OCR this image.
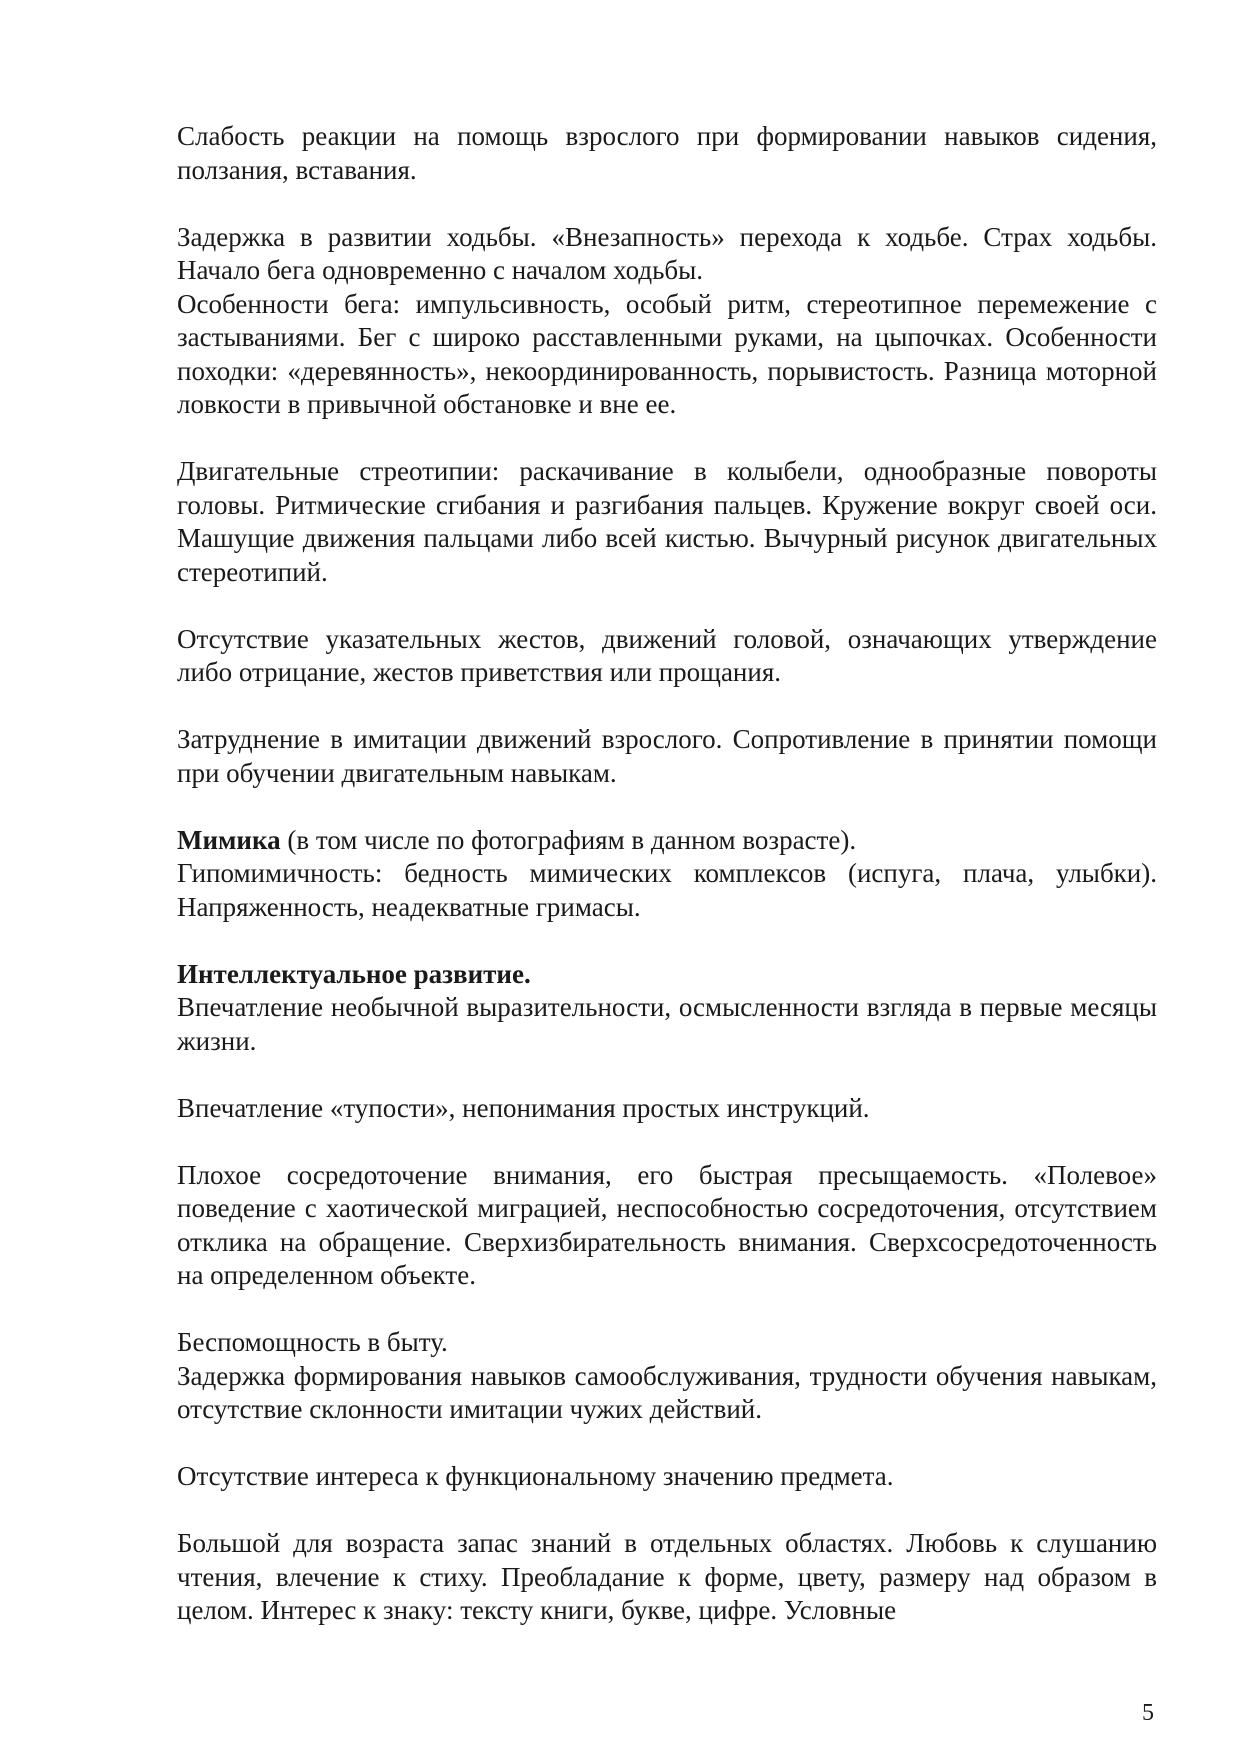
Слабость реакции на помощь взрослого при формировании навыков сидения, ползания, вставания.

Задержка в развитии ходьбы. «Внезапность» перехода к ходьбе. Страх ходьбы. Начало бега одновременно с началом ходьбы.

Особенности бега: импульсивность, особый ритм, стереотипное перемежение с застываниями. Бег с широко расставленными руками, на цыпочках. Особенности походки: «деревянность», некоординированность, порывистость. Разница моторной ловкости в привычной обстановке и вне ее.

Двигательные стреотипии: раскачивание в колыбели, однообразные повороты головы. Ритмические сгибания и разгибания пальцев. Кружение вокруг своей оси. Машущие движения пальцами либо всей кистью. Вычурный рисунок двигательных стереотипий.

Отсутствие указательных жестов, движений головой, означающих утверждение либо отрицание, жестов приветствия или прощания.

Затруднение в имитации движений взрослого. Сопротивление в принятии помощи при обучении двигательным навыкам.

Мимика (в том числе по фотографиям в данном возрасте).

Гипомимичность: бедность мимических комплексов (испуга, плача, улыбки). Напряженность, неадекватные гримасы.

Интеллектуальное развитие.

Впечатление необычной выразительности, осмысленности взгляда в первые месяцы жизни.

Впечатление «тупости», непонимания простых инструкций.

Плохое сосредоточение внимания, его быстрая пресыщаемость. «Полевое» поведение с хаотической миграцией, неспособностью сосредоточения, отсутствием отклика на обращение. Сверхизбирательность внимания. Сверхсосредоточенность на определенном объекте.

Беспомощность в быту.

Задержка формирования навыков самообслуживания, трудности обучения навыкам, отсутствие склонности имитации чужих действий.

Отсутствие интереса к функциональному значению предмета.

Большой для возраста запас знаний в отдельных областях. Любовь к слушанию чтения, влечение к стиху. Преобладание к форме, цвету, размеру над образом в целом. Интерес к знаку: тексту книги, букве, цифре. Условные

5
